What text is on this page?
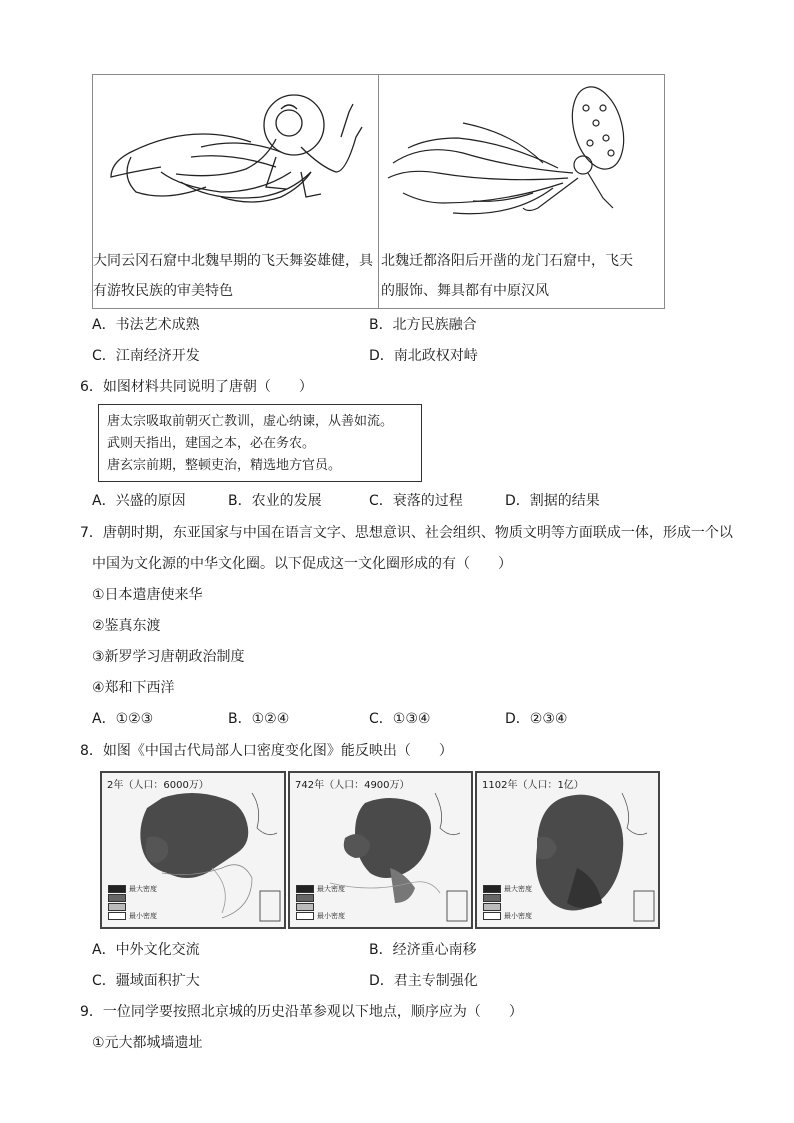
大同云冈石窟中北魏早期的飞天舞姿雄健，具
有游牧民族的审美特色
北魏迁都洛阳后开凿的龙门石窟中，飞天
的服饰、舞具都有中原汉风
A．书法艺术成熟	B．北方民族融合
C．江南经济开发	D．南北政权对峙
6．如图材料共同说明了唐朝（　　）
唐太宗吸取前朝灭亡教训，虚心纳谏，从善如流。
武则天指出，建国之本，必在务农。
唐玄宗前期，整顿吏治，精选地方官员。
A．兴盛的原因	B．农业的发展	C．衰落的过程	D．割据的结果
7．唐朝时期，东亚国家与中国在语言文字、思想意识、社会组织、物质文明等方面联成一体，形成一个以
中国为文化源的中华文化圈。以下促成这一文化圈形成的有（　　）
①日本遣唐使来华
②鉴真东渡
③新罗学习唐朝政治制度
④郑和下西洋
A．①②③	B．①②④	C．①③④	D．②③④
8．如图《中国古代局部人口密度变化图》能反映出（　　）
2年（人口：6000万）
最大密度
最小密度
742年（人口：4900万）
最大密度
最小密度
1102年（人口：1亿）
最大密度
最小密度
A．中外文化交流	B．经济重心南移
C．疆域面积扩大	D．君主专制强化
9．一位同学要按照北京城的历史沿革参观以下地点，顺序应为（　　）
①元大都城墙遗址
